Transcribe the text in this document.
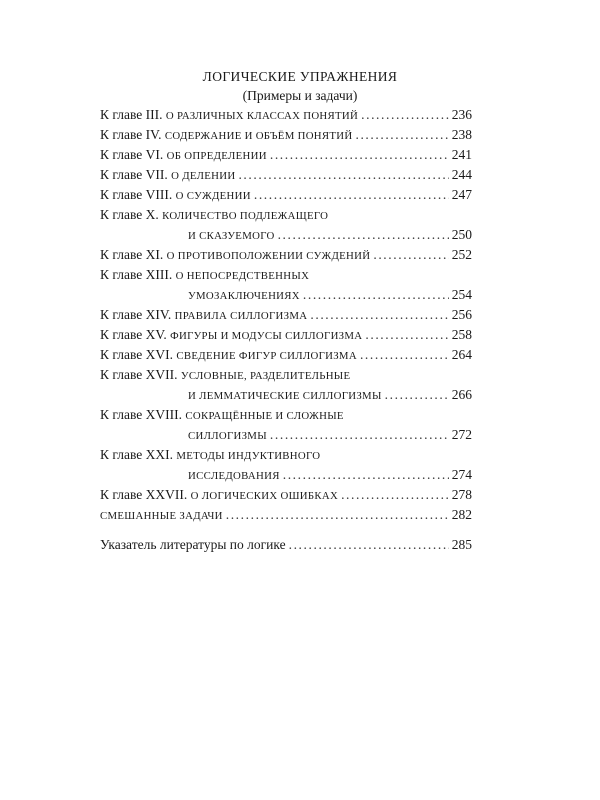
ЛОГИЧЕСКИЕ УПРАЖНЕНИЯ
(Примеры и задачи)
К главе III. О РАЗЛИЧНЫХ КЛАССАХ ПОНЯТИЙ .....	236
К главе IV. СОДЕРЖАНИЕ И ОБЪЁМ ПОНЯТИЙ .....	238
К главе VI. ОБ ОПРЕДЕЛЕНИИ .....	241
К главе VII. О ДЕЛЕНИИ .....	244
К главе VIII. О СУЖДЕНИИ .....	247
К главе X. КОЛИЧЕСТВО ПОДЛЕЖАЩЕГО
И СКАЗУЕМОГО .....	250
К главе XI. О ПРОТИВОПОЛОЖЕНИИ СУЖДЕНИЙ .....	252
К главе XIII. О НЕПОСРЕДСТВЕННЫХ
УМОЗАКЛЮЧЕНИЯХ .....	254
К главе XIV. ПРАВИЛА СИЛЛОГИЗМА .....	256
К главе XV. ФИГУРЫ И МОДУСЫ СИЛЛОГИЗМА .....	258
К главе XVI. СВЕДЕНИЕ ФИГУР СИЛЛОГИЗМА .....	264
К главе XVII. УСЛОВНЫЕ, РАЗДЕЛИТЕЛЬНЫЕ
И ЛЕММАТИЧЕСКИЕ СИЛЛОГИЗМЫ .....	266
К главе XVIII. СОКРАЩЁННЫЕ И СЛОЖНЫЕ
СИЛЛОГИЗМЫ .....	272
К главе XXI. МЕТОДЫ ИНДУКТИВНОГО
ИССЛЕДОВАНИЯ .....	274
К главе XXVII. О ЛОГИЧЕСКИХ ОШИБКАХ .....	278
СМЕШАННЫЕ ЗАДАЧИ .....	282
Указатель литературы по логике .....	285
